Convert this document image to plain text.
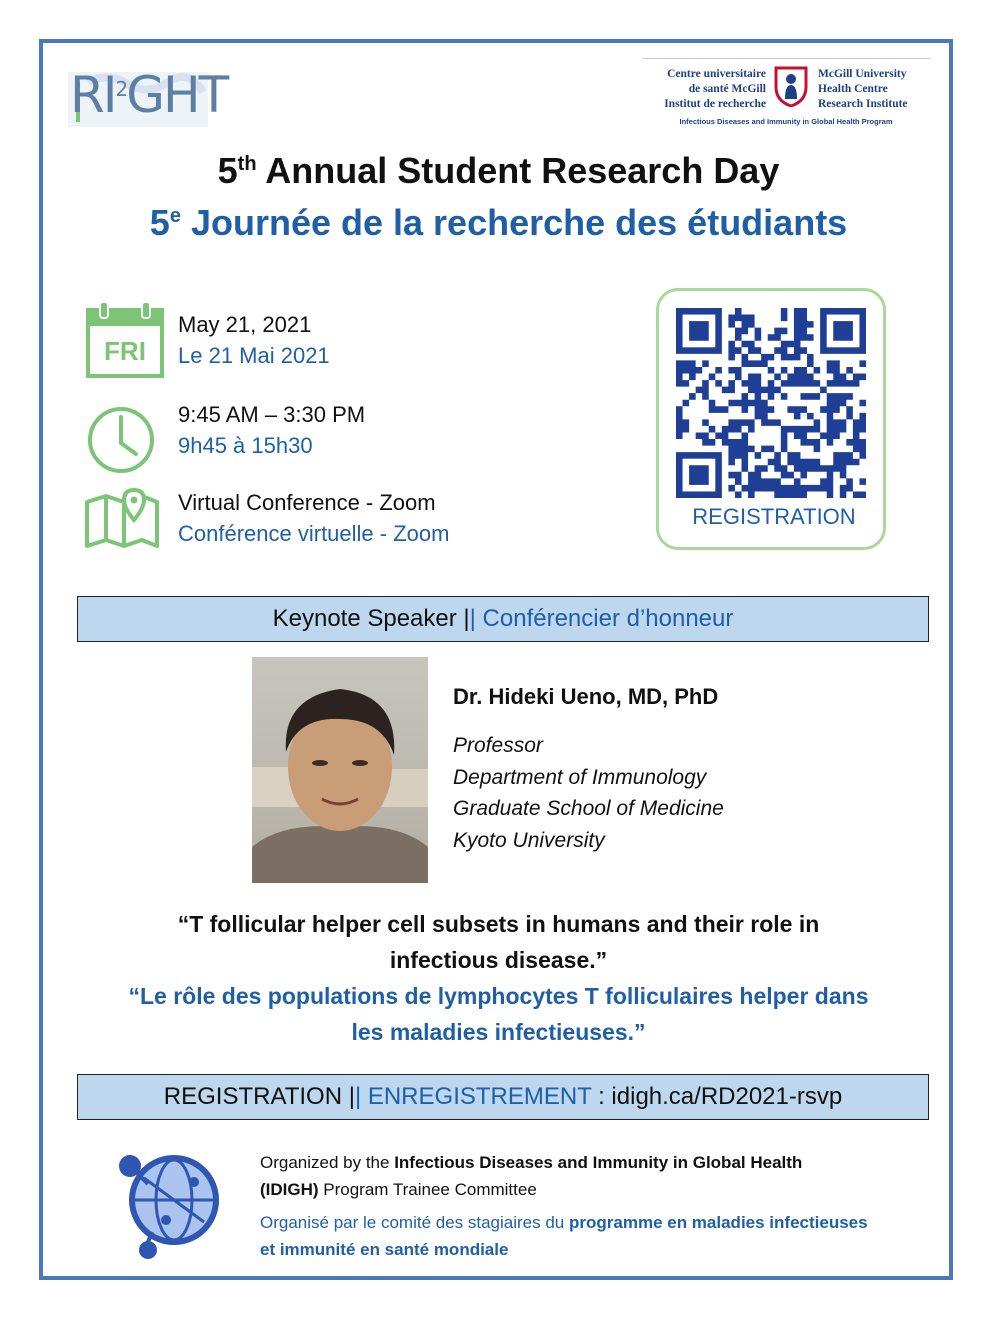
$RI^2GHT$	Centre universitaire
de santé McGill
Institut de recherche
McGill University
Health Centre
Research Institute
Infectious Diseases and Immunity in Global Health Program
5th Annual Student Research Day
5e Journée de la recherche des étudiants
FRI
May 21, 2021
Le 21 Mai 2021
9:45 AM – 3:30 PM
9h45 à 15h30
Virtual Conference - Zoom
Conférence virtuelle - Zoom
REGISTRATION
Keynote Speaker || Conférencier d’honneur
Dr. Hideki Ueno, MD, PhD
Professor
Department of Immunology
Graduate School of Medicine
Kyoto University
“T follicular helper cell subsets in humans and their role in
infectious disease.”
“Le rôle des populations de lymphocytes T folliculaires helper dans
les maladies infectieuses.”
REGISTRATION || ENREGISTREMENT : idigh.ca/RD2021-rsvp
Organized by the Infectious Diseases and Immunity in Global Health (IDIGH) Program Trainee Committee
Organisé par le comité des stagiaires du programme en maladies infectieuses et immunité en santé mondiale
